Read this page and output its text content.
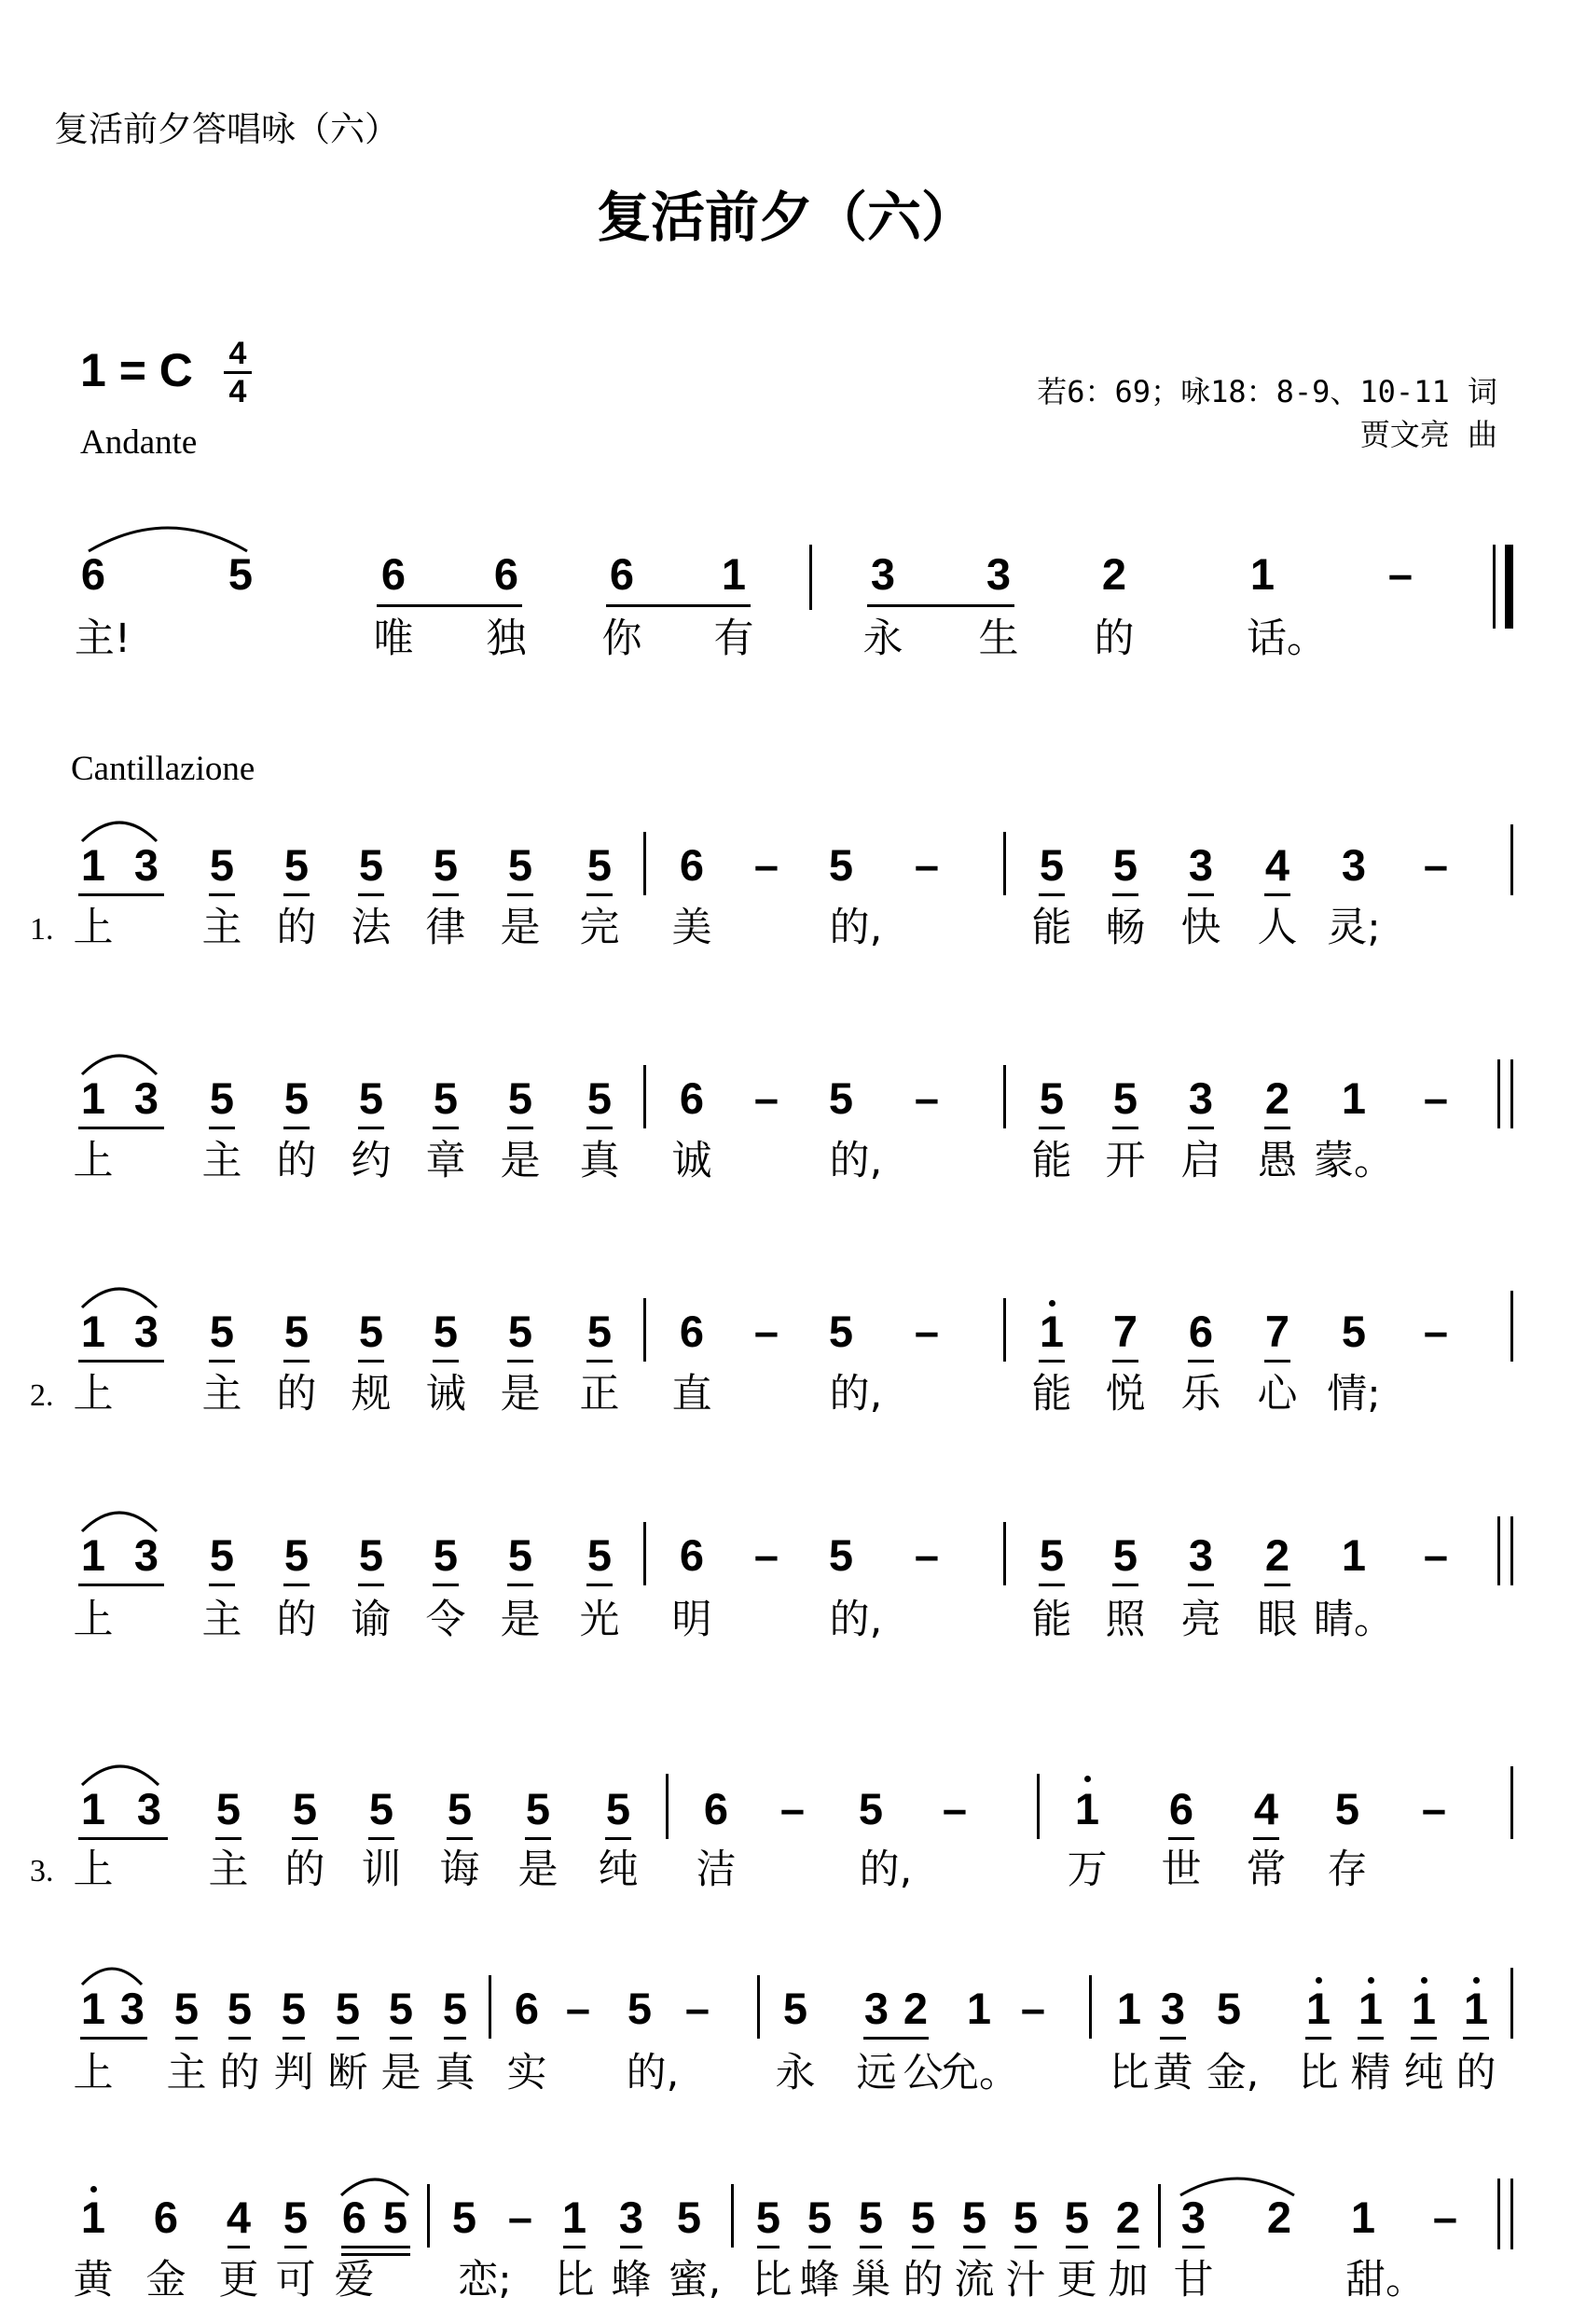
复活前夕答唱咏（六）
复活前夕（六）
1 = C 4
4
Andante
若6：69；咏18：8-9、10-11 词
贾文亮 曲
6	5	6 6 6 1	3 3 2	1	–
主!	唯 独 你 有	永 生 的	话。
Cantillazione
1 3 5 5 5 5 5 5 6 – 5 – 5 5 3 4 3 –
1. 上 主 的 法 律 是 完 美	的,	能 畅 快 人 灵;
1 3 5 5 5 5 5 5 6 – 5 – 5 5 3 2 1 –
上 主 的 约 章 是 真 诚	的,	能 开 启 愚 蒙。
1 3 5 5 5 5 5 5 6 – 5 – 1 7 6 7 5 –
2. 上 主 的 规 诫 是 正 直	的,	能 悦 乐 心 情;
1 3 5 5 5 5 5 5 6 – 5 – 5 5 3 2 1 –
上 主 的 谕 令 是 光 明	的,	能 照 亮 眼 睛。
1 3 5 5 5 5 5 5 6 – 5 – 1 6 4 5 –
3. 上 主 的 训 诲 是 纯 洁	的,	万 世 常 存
1 3 5 5 5 5 5 5 6 – 5 – 5 3 2 1 – 1 3 5 1 1 1 1
上 主 的 判 断 是 真 实 的, 永 远 公
允。 比 黄 金, 比 精 纯 的
1 6 4 5 6 5 5 – 1 3 5 5 5 5 5 5 5 5 2 3 2 1 –
黄 金 更 可 爱 恋; 比 蜂 蜜, 比 蜂 巢 的 流 汁 更 加 甘	甜。
